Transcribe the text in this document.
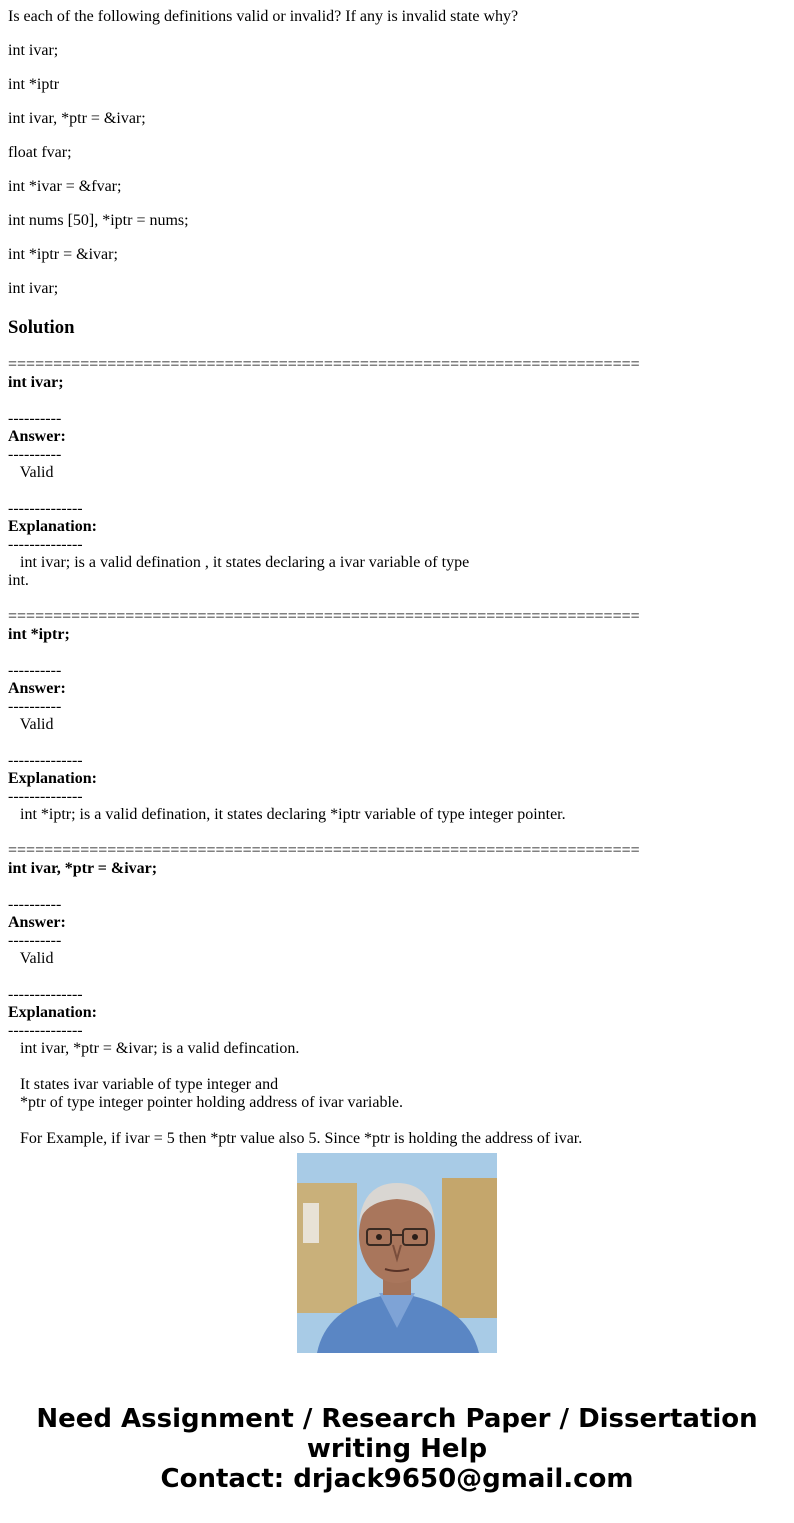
Is each of the following definitions valid or invalid? If any is invalid state why?
int ivar;
int *iptr
int ivar, *ptr = &ivar;
float fvar;
int *ivar = &fvar;
int nums [50], *iptr = nums;
int *iptr = &ivar;
int ivar;
Solution
======================================================================
int ivar;

----------
Answer:
----------
Valid

--------------
Explanation:
--------------
int ivar; is a valid defination , it states declaring a ivar variable of type
int.

======================================================================
int *iptr;

----------
Answer:
----------
Valid

--------------
Explanation:
--------------
int *iptr; is a valid defination, it states declaring *iptr variable of type integer pointer.

======================================================================
int ivar, *ptr = &ivar;

----------
Answer:
----------
Valid

--------------
Explanation:
--------------
int ivar, *ptr = &ivar; is a valid defincation.

It states ivar variable of type integer and
*ptr of type integer pointer holding address of ivar variable.

For Example, if ivar = 5 then *ptr value also 5. Since *ptr is holding the address of ivar.
Need Assignment / Research Paper / Dissertation
writing Help
Contact: drjack9650@gmail.com
